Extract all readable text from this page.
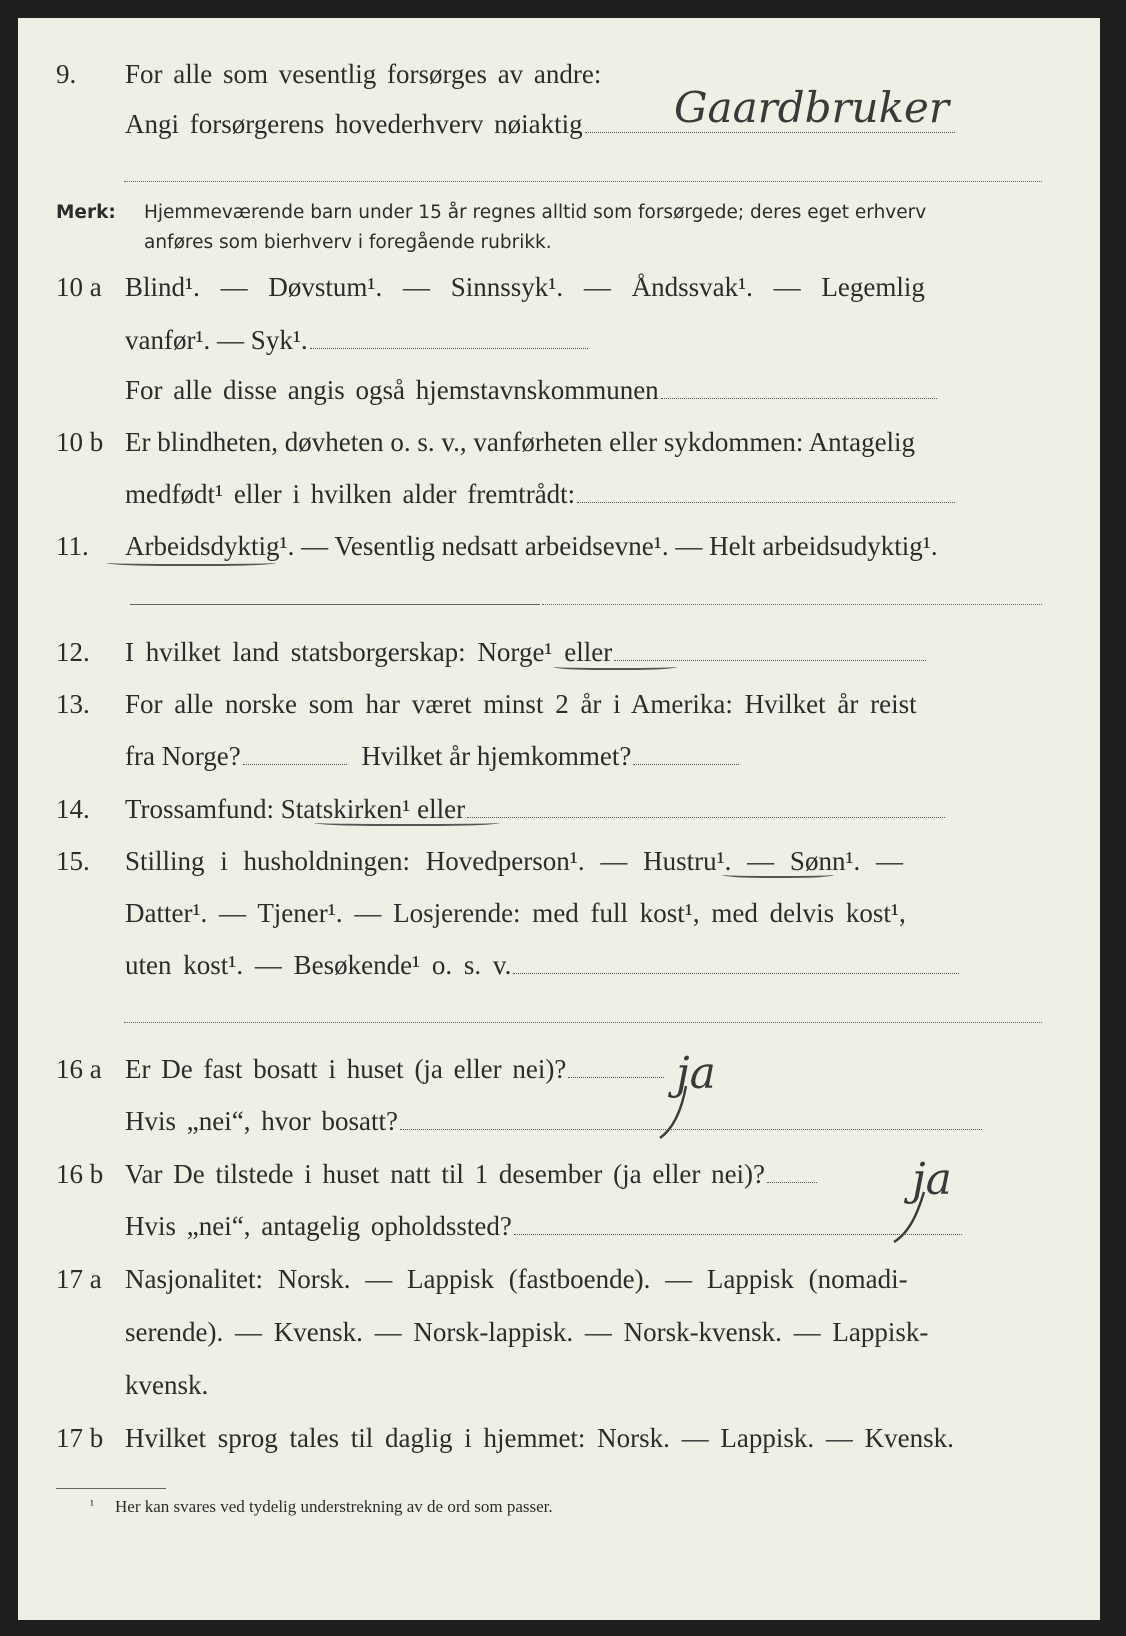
9. For alle som vesentlig forsørges av andre:
Angi forsørgerens hovederhverv nøiaktig	Gaardbruker
Merk: Hjemmeværende barn under 15 år regnes alltid som forsørgede; deres eget erhverv
anføres som bierhverv i foregående rubrikk.
10 a Blind¹. — Døvstum¹. — Sinnssyk¹. — Åndssvak¹. — Legemlig
vanfør¹. — Syk¹.
For alle disse angis også hjemstavnskommunen
10 b Er blindheten, døvheten o. s. v., vanførheten eller sykdommen: Antagelig
medfødt¹ eller i hvilken alder fremtrådt:
11. Arbeidsdyktig¹. — Vesentlig nedsatt arbeidsevne¹. — Helt arbeidsudyktig¹.
12. I hvilket land statsborgerskap: Norge¹ eller
13. For alle norske som har været minst 2 år i Amerika: Hvilket år reist
fra Norge?	Hvilket år hjemkommet?
14. Trossamfund: Statskirken¹ eller
15. Stilling i husholdningen: Hovedperson¹. — Hustru¹. — Sønn¹. —
Datter¹. — Tjener¹. — Losjerende: med full kost¹, med delvis kost¹,
uten kost¹. — Besøkende¹ o. s. v.
16 a Er De fast bosatt i huset (ja eller nei)?	ja
Hvis „nei“, hvor bosatt?
16 b Var De tilstede i huset natt til 1 desember (ja eller nei)?	ja
Hvis „nei“, antagelig opholdssted?
17 a Nasjonalitet: Norsk. — Lappisk (fastboende). — Lappisk (nomadi-
serende). — Kvensk. — Norsk-lappisk. — Norsk-kvensk. — Lappisk-
kvensk.
17 b Hvilket sprog tales til daglig i hjemmet: Norsk. — Lappisk. — Kvensk.
¹ Her kan svares ved tydelig understrekning av de ord som passer.
